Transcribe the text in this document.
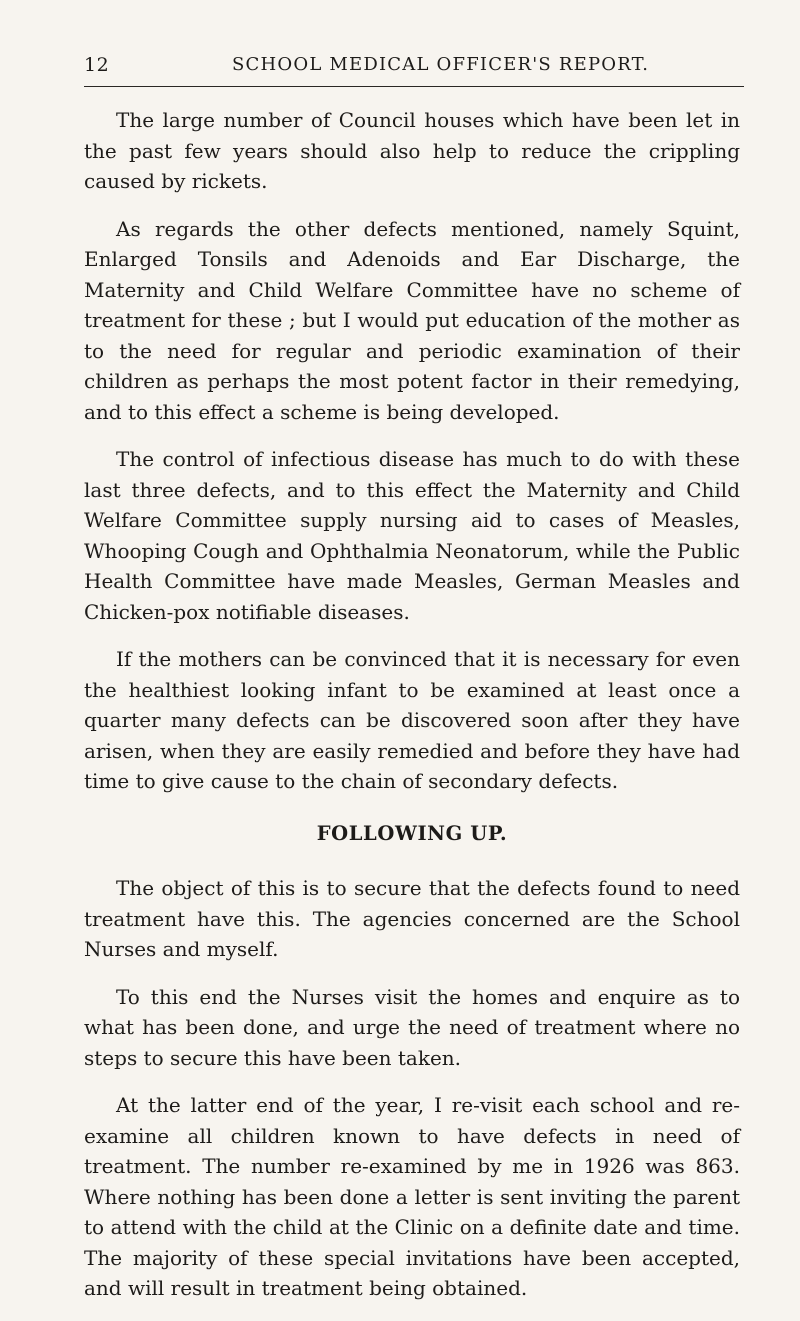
12	SCHOOL MEDICAL OFFICER'S REPORT.

The large number of Council houses which have been let in the past few years should also help to reduce the crippling caused by rickets.

As regards the other defects mentioned, namely Squint, Enlarged Tonsils and Adenoids and Ear Discharge, the Maternity and Child Welfare Committee have no scheme of treatment for these ; but I would put education of the mother as to the need for regular and periodic examination of their children as perhaps the most potent factor in their remedying, and to this effect a scheme is being developed.

The control of infectious disease has much to do with these last three defects, and to this effect the Maternity and Child Welfare Committee supply nursing aid to cases of Measles, Whooping Cough and Ophthalmia Neonatorum, while the Public Health Committee have made Measles, German Measles and Chicken-pox notifiable diseases.

If the mothers can be convinced that it is necessary for even the healthiest looking infant to be examined at least once a quarter many defects can be discovered soon after they have arisen, when they are easily remedied and before they have had time to give cause to the chain of secondary defects.

FOLLOWING UP.

The object of this is to secure that the defects found to need treatment have this. The agencies concerned are the School Nurses and myself.

To this end the Nurses visit the homes and enquire as to what has been done, and urge the need of treatment where no steps to secure this have been taken.

At the latter end of the year, I re-visit each school and re-examine all children known to have defects in need of treatment. The number re-examined by me in 1926 was 863. Where nothing has been done a letter is sent inviting the parent to attend with the child at the Clinic on a definite date and time. The majority of these special invitations have been accepted, and will result in treatment being obtained.
